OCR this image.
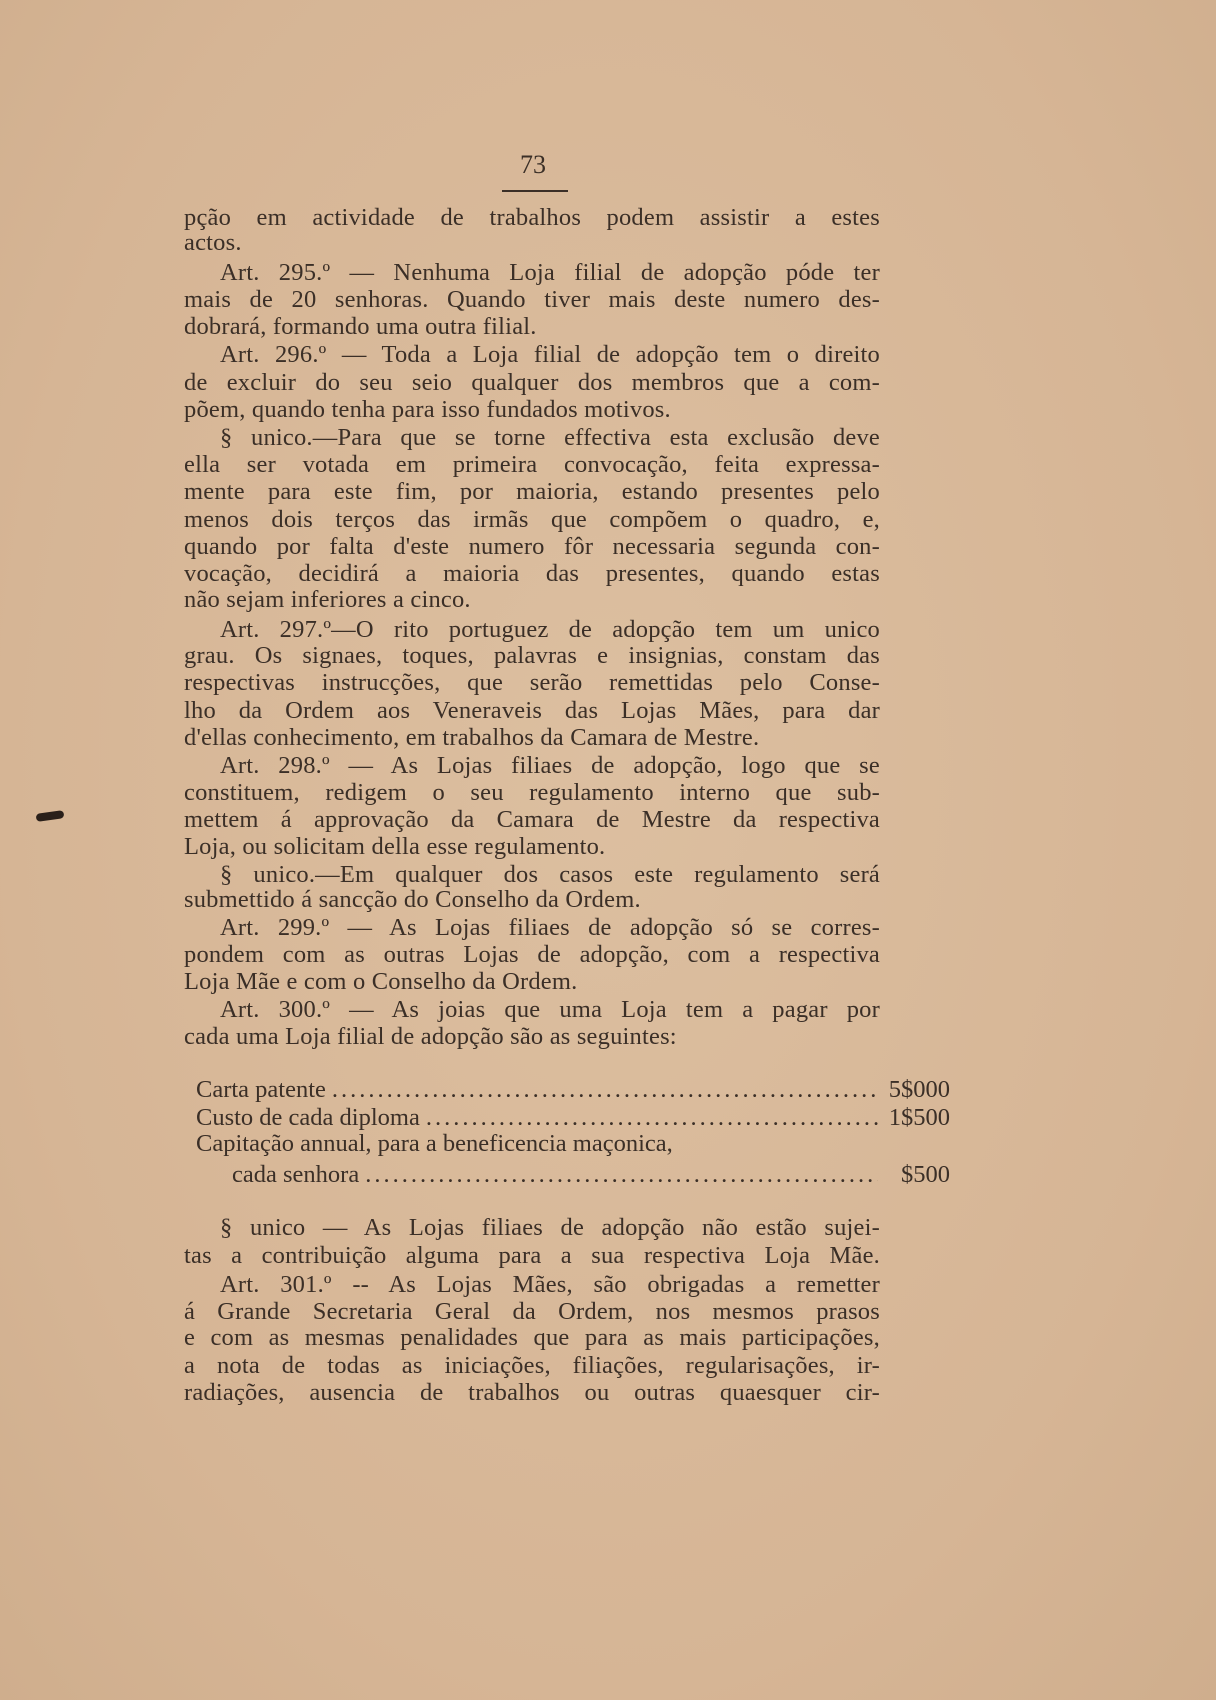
73
pção em actividade de trabalhos podem assistir a estes
actos.
Art. 295.º — Nenhuma Loja filial de adopção póde ter
mais de 20 senhoras. Quando tiver mais deste numero des-
dobrará, formando uma outra filial.
Art. 296.º — Toda a Loja filial de adopção tem o direito
de excluir do seu seio qualquer dos membros que a com-
põem, quando tenha para isso fundados motivos.
§ unico.—Para que se torne effectiva esta exclusão deve
ella ser votada em primeira convocação, feita expressa-
mente para este fim, por maioria, estando presentes pelo
menos dois terços das irmãs que compõem o quadro, e,
quando por falta d'este numero fôr necessaria segunda con-
vocação, decidirá a maioria das presentes, quando estas
não sejam inferiores a cinco.
Art. 297.º—O rito portuguez de adopção tem um unico
grau. Os signaes, toques, palavras e insignias, constam das
respectivas instrucções, que serão remettidas pelo Conse-
lho da Ordem aos Veneraveis das Lojas Mães, para dar
d'ellas conhecimento, em trabalhos da Camara de Mestre.
Art. 298.º — As Lojas filiaes de adopção, logo que se
constituem, redigem o seu regulamento interno que sub-
mettem á approvação da Camara de Mestre da respectiva
Loja, ou solicitam della esse regulamento.
§ unico.—Em qualquer dos casos este regulamento será
submettido á sancção do Conselho da Ordem.
Art. 299.º — As Lojas filiaes de adopção só se corres-
pondem com as outras Lojas de adopção, com a respectiva
Loja Mãe e com o Conselho da Ordem.
Art. 300.º — As joias que uma Loja tem a pagar por
cada uma Loja filial de adopção são as seguintes:
Carta patente .....	5$000
Custo de cada diploma .....	1$500
Capitação annual, para a beneficencia maçonica,
cada senhora .....	$500
§ unico — As Lojas filiaes de adopção não estão sujei-
tas a contribuição alguma para a sua respectiva Loja Mãe.
Art. 301.º -- As Lojas Mães, são obrigadas a remetter
á Grande Secretaria Geral da Ordem, nos mesmos prasos
e com as mesmas penalidades que para as mais participações,
a nota de todas as iniciações, filiações, regularisações, ir-
radiações, ausencia de trabalhos ou outras quaesquer cir-
